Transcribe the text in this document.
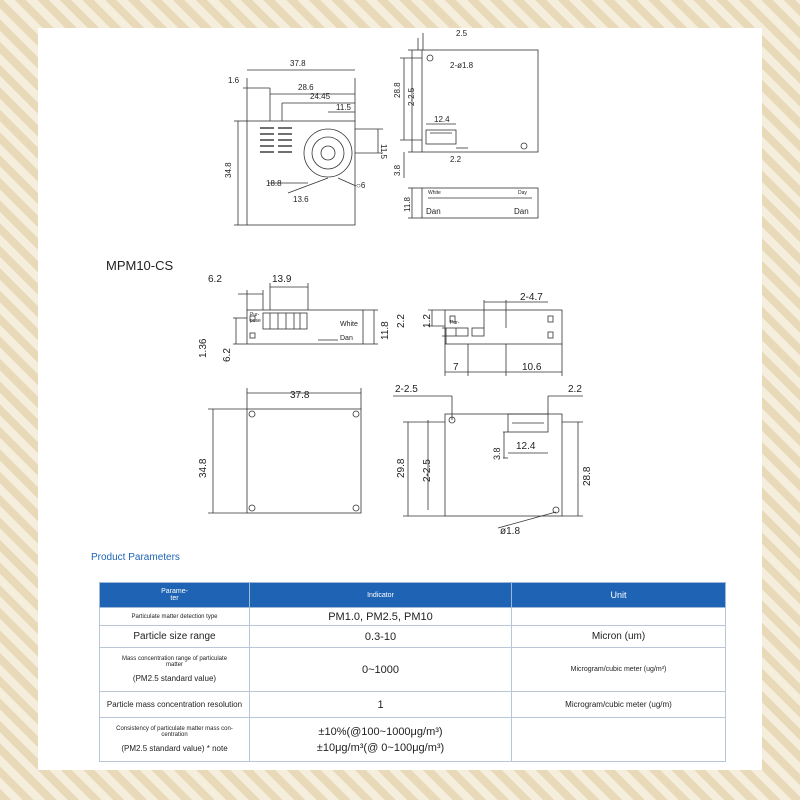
37.8
1.6
28.6
24.45
11.5
11.5
34.8
18.8
13.6
○6
2.5
2-ø1.8
28.8 2-2.5
12.4
2.2
3.8
11.8
White	Day
Dan	Dan
6.2	13.9
1.36 6.2
11.8
2.2 1.2
2-4.7
7	10.6
Pur-
pose	White
Dan
Pur-
37.8
34.8
2-2.5	2.2
29.8 2-2.5
3.8
12.4
28.8
ø1.8
MPM10-CS
Product Parameters
Parame-
ter	Indicator	Unit
Particulate matter detection type	PM1.0, PM2.5, PM10	
Particle size range	0.3-10	Micron (um)

Mass concentration range of particulate
matter
(PM2.5 standard value)	0~1000	Microgram/cubic meter (ug/m³)
Particle mass concentration resolution	1	Microgram/cubic meter (ug/m)

Consistency of particulate matter mass con-
centration
(PM2.5 standard value) * note	±10%(@100~1000μg/m³)
±10μg/m³(@ 0~100μg/m³)	
